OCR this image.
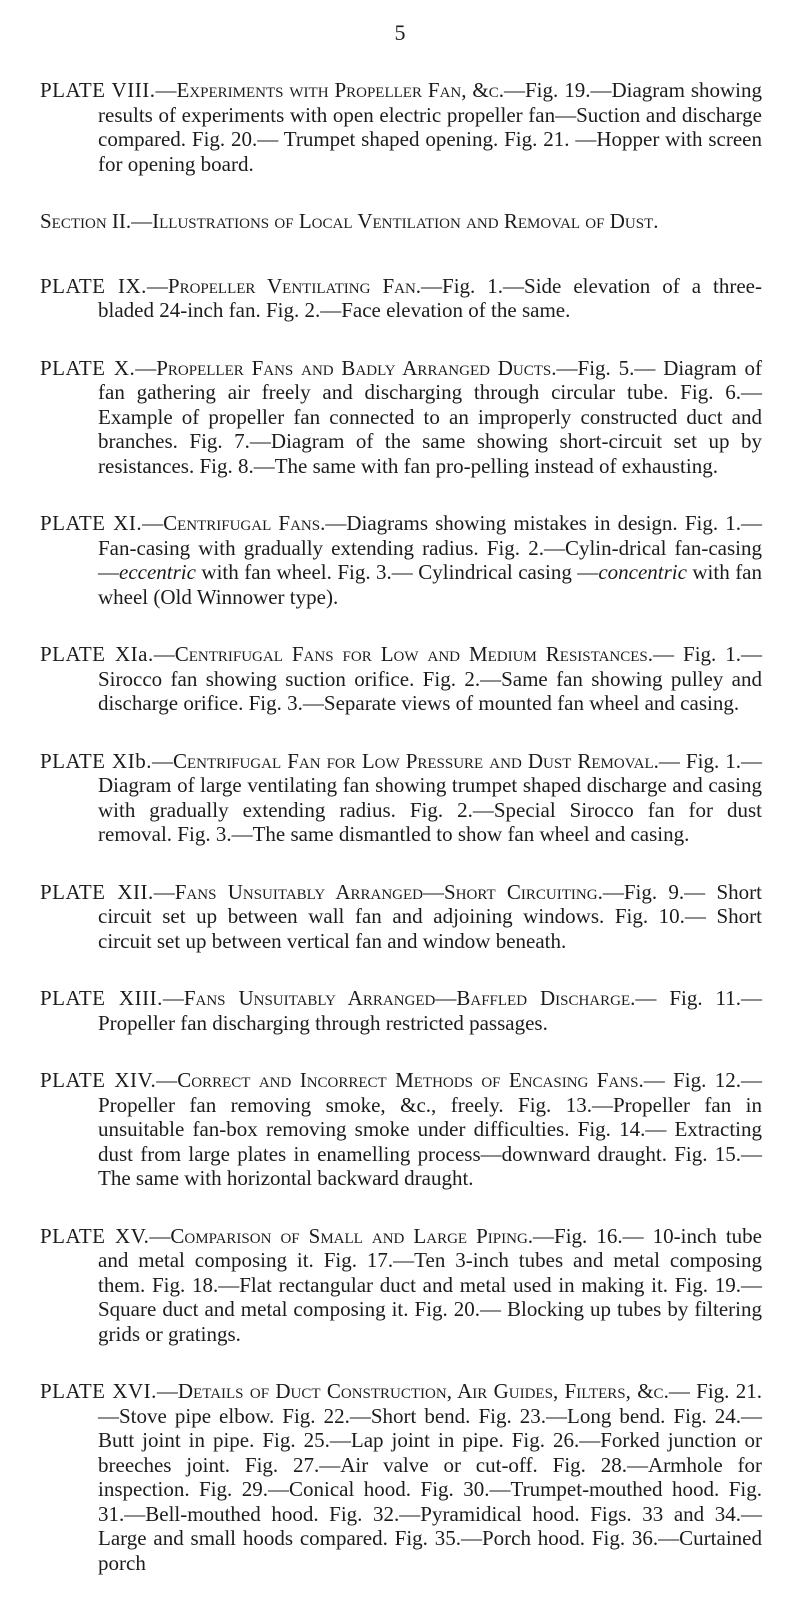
5

PLATE VIII.—Experiments with Propeller Fan, &c.—Fig. 19.—Diagram showing results of experiments with open electric propeller fan—Suction and discharge compared. Fig. 20.— Trumpet shaped opening. Fig. 21. —Hopper with screen for opening board.

Section II.—Illustrations of Local Ventilation and Removal of Dust.

PLATE IX.—Propeller Ventilating Fan.—Fig. 1.—Side elevation of a three-bladed 24-inch fan. Fig. 2.—Face elevation of the same.

PLATE X.—Propeller Fans and Badly Arranged Ducts.—Fig. 5.— Diagram of fan gathering air freely and discharging through circular tube. Fig. 6.—Example of propeller fan connected to an improperly constructed duct and branches. Fig. 7.—Diagram of the same showing short-circuit set up by resistances. Fig. 8.—The same with fan pro-pelling instead of exhausting.

PLATE XI.—Centrifugal Fans.—Diagrams showing mistakes in design. Fig. 1.—Fan-casing with gradually extending radius. Fig. 2.—Cylin-drical fan-casing—eccentric with fan wheel. Fig. 3.— Cylindrical casing —concentric with fan wheel (Old Winnower type).

PLATE XIa.—Centrifugal Fans for Low and Medium Resistances.— Fig. 1.—Sirocco fan showing suction orifice. Fig. 2.—Same fan showing pulley and discharge orifice. Fig. 3.—Separate views of mounted fan wheel and casing.

PLATE XIb.—Centrifugal Fan for Low Pressure and Dust Removal.— Fig. 1.—Diagram of large ventilating fan showing trumpet shaped discharge and casing with gradually extending radius. Fig. 2.—Special Sirocco fan for dust removal. Fig. 3.—The same dismantled to show fan wheel and casing.

PLATE XII.—Fans Unsuitably Arranged—Short Circuiting.—Fig. 9.— Short circuit set up between wall fan and adjoining windows. Fig. 10.— Short circuit set up between vertical fan and window beneath.

PLATE XIII.—Fans Unsuitably Arranged—Baffled Discharge.— Fig. 11.—Propeller fan discharging through restricted passages.

PLATE XIV.—Correct and Incorrect Methods of Encasing Fans.— Fig. 12.—Propeller fan removing smoke, &c., freely. Fig. 13.—Propeller fan in unsuitable fan-box removing smoke under difficulties. Fig. 14.— Extracting dust from large plates in enamelling process—downward draught. Fig. 15.—The same with horizontal backward draught.

PLATE XV.—Comparison of Small and Large Piping.—Fig. 16.— 10-inch tube and metal composing it. Fig. 17.—Ten 3-inch tubes and metal composing them. Fig. 18.—Flat rectangular duct and metal used in making it. Fig. 19.—Square duct and metal composing it. Fig. 20.— Blocking up tubes by filtering grids or gratings.

PLATE XVI.—Details of Duct Construction, Air Guides, Filters, &c.— Fig. 21.—Stove pipe elbow. Fig. 22.—Short bend. Fig. 23.—Long bend. Fig. 24.—Butt joint in pipe. Fig. 25.—Lap joint in pipe. Fig. 26.—Forked junction or breeches joint. Fig. 27.—Air valve or cut-off. Fig. 28.—Armhole for inspection. Fig. 29.—Conical hood. Fig. 30.—Trumpet-mouthed hood. Fig. 31.—Bell-mouthed hood. Fig. 32.—Pyramidical hood. Figs. 33 and 34.—Large and small hoods compared. Fig. 35.—Porch hood. Fig. 36.—Curtained porch
